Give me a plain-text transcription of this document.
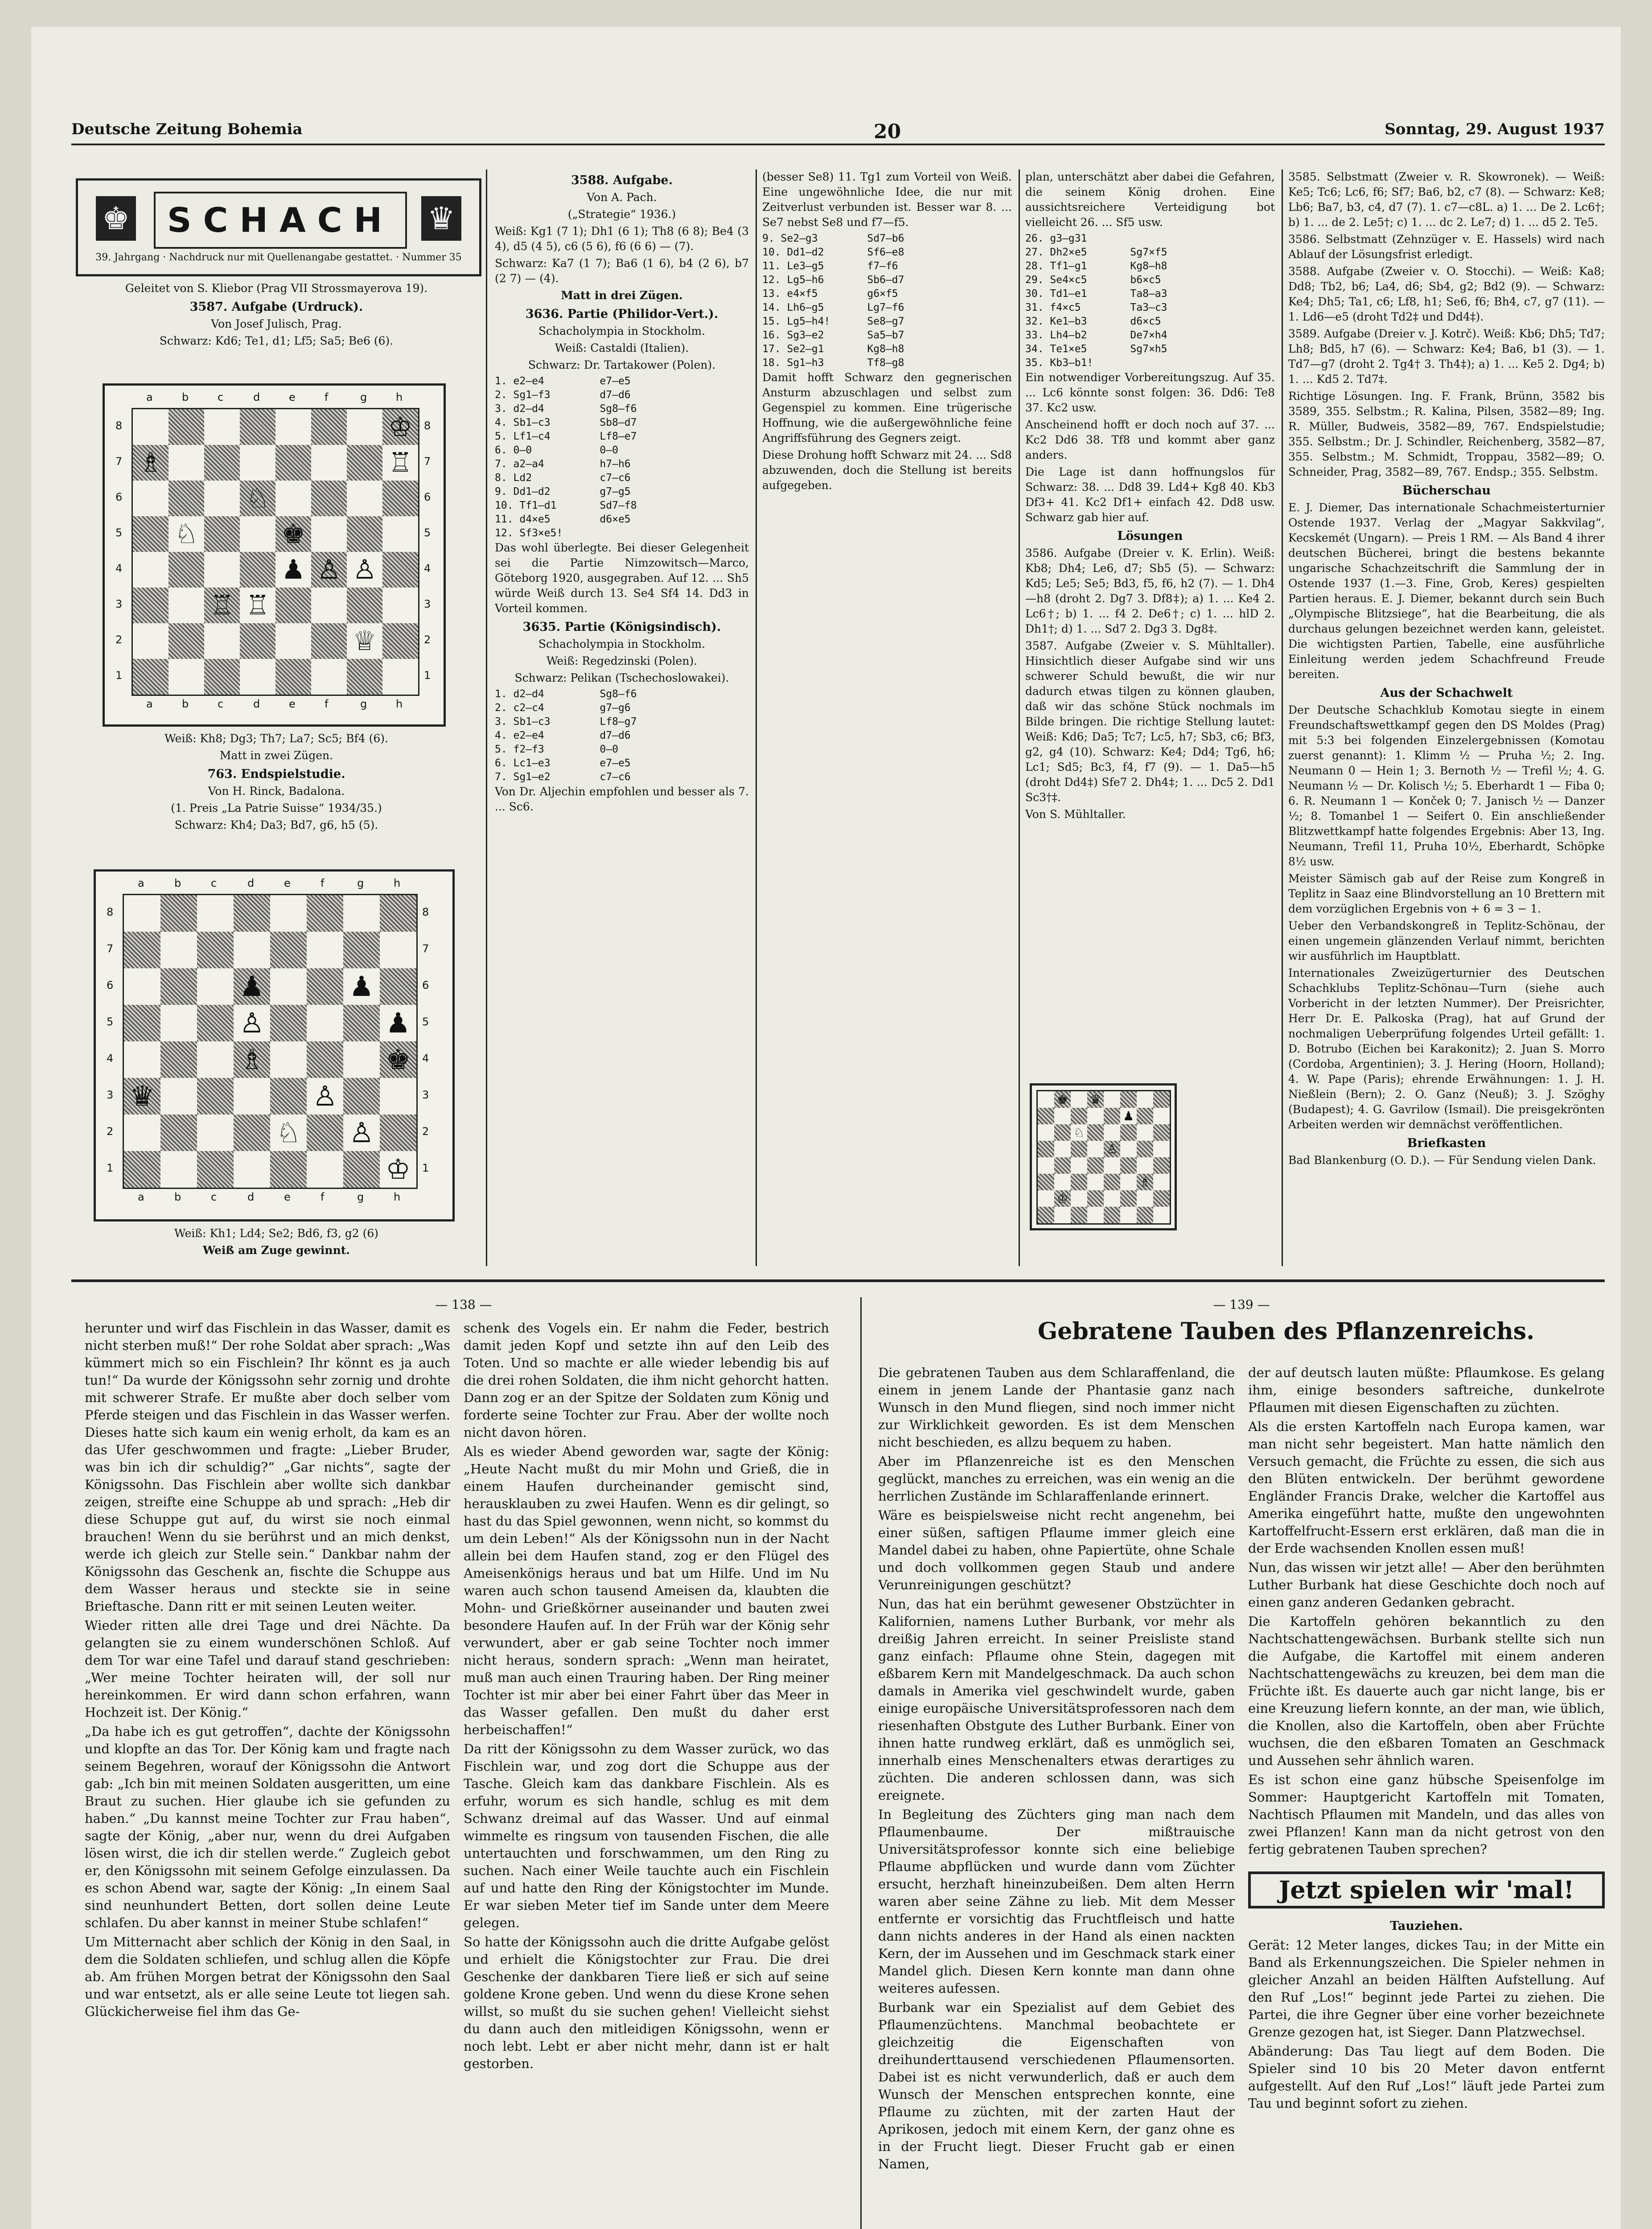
Deutsche Zeitung Bohemia	20	Sonntag, 29. August 1937
♚	SCHACH	♛
39. Jahrgang · Nachdruck nur mit Quellenangabe gestattet. · Nummer 35

Geleitet von S. Kliebor (Prag VII Strossmayerova 19).

3587. Aufgabe (Urdruck).

Von Josef Julisch, Prag.

Schwarz: Kd6; Te1, d1; Lf5; Sa5; Be6 (6).

♔
♖
♗
♘
♘
♚
♖
♕
♖
♙
♟ ♙
a	b	c	d	e	f	g	h
a	b	c	d	e	f	g	h
8	8
7	7
6	6
5	5
4	4
3	3
2	2
1	1

Weiß: Kh8; Dg3; Th7; La7; Sc5; Bf4 (6).

Matt in zwei Zügen.

763. Endspielstudie.

Von H. Rinck, Badalona.

(1. Preis „La Patrie Suisse“ 1934/35.)

Schwarz: Kh4; Da3; Bd7, g6, h5 (5).

♙
♟	♟
♟
♚
♛
♗
♘
♙
♙
♔
a	b	c	d	e	f	g	h
a	b	c	d	e	f	g	h
8	8
7	7
6	6
5	5
4	4
3	3
2	2
1	1

Weiß: Kh1; Ld4; Se2; Bd6, f3, g2 (6)

Weiß am Zuge gewinnt.

3588. Aufgabe.

Von A. Pach.

(„Strategie“ 1936.)

Weiß: Kg1 (7 1); Dh1 (6 1); Th8 (6 8); Be4 (3 4), d5 (4 5), c6 (5 6), f6 (6 6) — (7).

Schwarz: Ka7 (1 7); Ba6 (1 6), b4 (2 6), b7 (2 7) — (4).

Matt in drei Zügen.

3636. Partie (Philidor-Vert.).

Schacholympia in Stockholm.

Weiß: Castaldi (Italien).

Schwarz: Dr. Tartakower (Polen).

1. e2—e4         e7—e5
2. Sg1—f3        d7—d6
3. d2—d4         Sg8—f6
4. Sb1—c3        Sb8—d7
5. Lf1—c4        Lf8—e7
6. 0—0           0—0
7. a2—a4         h7—h6
8. Ld2           c7—c6
9. Dd1—d2        g7—g5
10. Tf1—d1       Sd7—f8
11. d4×e5        d6×e5
12. Sf3×e5!

Das wohl überlegte. Bei dieser Gelegenheit sei die Partie Nimzowitsch—Marco, Göteborg 1920, ausgegraben. Auf 12. ... Sh5 würde Weiß durch 13. Se4 Sf4 14. Dd3 in Vorteil kommen.

3635. Partie (Königsindisch).

Schacholympia in Stockholm.

Weiß: Regedzinski (Polen).

Schwarz: Pelikan (Tschechoslowakei).

1. d2—d4         Sg8—f6
2. c2—c4         g7—g6
3. Sb1—c3        Lf8—g7
4. e2—e4         d7—d6
5. f2—f3         0—0
6. Lc1—e3        e7—e5
7. Sg1—e2        c7—c6

Von Dr. Aljechin empfohlen und besser als 7. ... Sc6.

(besser Se8) 11. Tg1 zum Vorteil von Weiß. Eine ungewöhnliche Idee, die nur mit Zeitverlust verbunden ist. Besser war 8. ... Se7 nebst Se8 und f7—f5.

9. Se2—g3        Sd7—b6
10. Dd1—d2       Sf6—e8
11. Le3—g5       f7—f6
12. Lg5—h6       Sb6—d7
13. e4×f5        g6×f5
14. Lh6—g5       Lg7—f6
15. Lg5—h4!      Se8—g7
16. Sg3—e2       Sa5—b7
17. Se2—g1       Kg8—h8
18. Sg1—h3       Tf8—g8

Damit hofft Schwarz den gegnerischen Ansturm abzuschlagen und selbst zum Gegenspiel zu kommen. Eine trügerische Hoffnung, wie die außergewöhnliche feine Angriffsführung des Gegners zeigt.

Diese Drohung hofft Schwarz mit 24. ... Sd8 abzuwenden, doch die Stellung ist bereits aufgegeben.

plan, unterschätzt aber dabei die Gefahren, die seinem König drohen. Eine aussichtsreichere Verteidigung bot vielleicht 26. ... Sf5 usw.

26. g3—g31
27. Dh2×e5       Sg7×f5
28. Tf1—g1       Kg8—h8
29. Se4×c5       b6×c5
30. Td1—e1       Ta8—a3
31. f4×c5        Ta3—c3
32. Ke1—b3       d6×c5
33. Lh4—b2       De7×h4
34. Te1×e5       Sg7×h5
35. Kb3—b1!

Ein notwendiger Vorbereitungszug. Auf 35. ... Lc6 könnte sonst folgen: 36. Dd6: Te8 37. Kc2 usw.

Anscheinend hofft er doch noch auf 37. ... Kc2 Dd6 38. Tf8 und kommt aber ganz anders.

Die Lage ist dann hoffnungslos für Schwarz: 38. ... Dd8 39. Ld4+ Kg8 40. Kb3 Df3+ 41. Kc2 Df1+ einfach 42. Dd8 usw. Schwarz gab hier auf.

Lösungen

3586. Aufgabe (Dreier v. K. Erlin). Weiß: Kb8; Dh4; Le6, d7; Sb5 (5). — Schwarz: Kd5; Le5; Se5; Bd3, f5, f6, h2 (7). — 1. Dh4—h8 (droht 2. Dg7 3. Df8‡); a) 1. ... Ke4 2. Lc6†; b) 1. ... f4 2. De6†; c) 1. ... hlD 2. Dh1†; d) 1. ... Sd7 2. Dg3 3. Dg8‡.

3587. Aufgabe (Zweier v. S. Mühltaller). Hinsichtlich dieser Aufgabe sind wir uns schwerer Schuld bewußt, die wir nur dadurch etwas tilgen zu können glauben, daß wir das schöne Stück nochmals im Bilde bringen. Die richtige Stellung lautet: Weiß: Kd6; Da5; Tc7; Lc5, h7; Sb3, c6; Bf3, g2, g4 (10). Schwarz: Ke4; Dd4; Tg6, h6; Lc1; Sd5; Bc3, f4, f7 (9). — 1. Da5—h5 (droht Dd4‡) Sfe7 2. Dh4‡; 1. ... Dc5 2. Dd1 Sc3†‡.

Von S. Mühltaller.

♚ ♛
♟
♘
♙
♗
♔

3585. Selbstmatt (Zweier v. R. Skowronek). — Weiß: Ke5; Tc6; Lc6, f6; Sf7; Ba6, b2, c7 (8). — Schwarz: Ke8; Lb6; Ba7, b3, c4, d7 (7). 1. c7—c8L. a) 1. ... De 2. Lc6†; b) 1. ... de 2. Le5†; c) 1. ... dc 2. Le7; d) 1. ... d5 2. Te5.

3586. Selbstmatt (Zehnzüger v. E. Hassels) wird nach Ablauf der Lösungsfrist erledigt.

3588. Aufgabe (Zweier v. O. Stocchi). — Weiß: Ka8; Dd8; Tb2, b6; La4, d6; Sb4, g2; Bd2 (9). — Schwarz: Ke4; Dh5; Ta1, c6; Lf8, h1; Se6, f6; Bh4, c7, g7 (11). — 1. Ld6—e5 (droht Td2‡ und Dd4‡).

3589. Aufgabe (Dreier v. J. Kotrč). Weiß: Kb6; Dh5; Td7; Lh8; Bd5, h7 (6). — Schwarz: Ke4; Ba6, b1 (3). — 1. Td7—g7 (droht 2. Tg4† 3. Th4‡); a) 1. ... Ke5 2. Dg4; b) 1. ... Kd5 2. Td7‡.

Richtige Lösungen. Ing. F. Frank, Brünn, 3582 bis 3589, 355. Selbstm.; R. Kalina, Pilsen, 3582—89; Ing. R. Müller, Budweis, 3582—89, 767. Endspielstudie; 355. Selbstm.; Dr. J. Schindler, Reichenberg, 3582—87, 355. Selbstm.; M. Schmidt, Troppau, 3582—89; O. Schneider, Prag, 3582—89, 767. Endsp.; 355. Selbstm.

Bücherschau

E. J. Diemer, Das internationale Schachmeisterturnier Ostende 1937. Verlag der „Magyar Sakkvilag“, Kecskemét (Ungarn). — Preis 1 RM. — Als Band 4 ihrer deutschen Bücherei, bringt die bestens bekannte ungarische Schachzeitschrift die Sammlung der in Ostende 1937 (1.—3. Fine, Grob, Keres) gespielten Partien heraus. E. J. Diemer, bekannt durch sein Buch „Olympische Blitzsiege“, hat die Bearbeitung, die als durchaus gelungen bezeichnet werden kann, geleistet. Die wichtigsten Partien, Tabelle, eine ausführliche Einleitung werden jedem Schachfreund Freude bereiten.

Aus der Schachwelt

Der Deutsche Schachklub Komotau siegte in einem Freundschaftswettkampf gegen den DS Moldes (Prag) mit 5:3 bei folgenden Einzelergebnissen (Komotau zuerst genannt): 1. Klimm ½ — Pruha ½; 2. Ing. Neumann 0 — Hein 1; 3. Bernoth ½ — Trefil ½; 4. G. Neumann ½ — Dr. Kolisch ½; 5. Eberhardt 1 — Fiba 0; 6. R. Neumann 1 — Konček 0; 7. Janisch ½ — Danzer ½; 8. Tomanbel 1 — Seifert 0. Ein anschließender Blitzwettkampf hatte folgendes Ergebnis: Aber 13, Ing. Neumann, Trefil 11, Pruha 10½, Eberhardt, Schöpke 8½ usw.

Meister Sämisch gab auf der Reise zum Kongreß in Teplitz in Saaz eine Blindvorstellung an 10 Brettern mit dem vorzüglichen Ergebnis von + 6 = 3 − 1.

Ueber den Verbandskongreß in Teplitz-Schönau, der einen ungemein glänzenden Verlauf nimmt, berichten wir ausführlich im Hauptblatt.

Internationales Zweizügerturnier des Deutschen Schachklubs Teplitz-Schönau—Turn (siehe auch Vorbericht in der letzten Nummer). Der Preisrichter, Herr Dr. E. Palkoska (Prag), hat auf Grund der nochmaligen Ueberprüfung folgendes Urteil gefällt: 1. D. Botrubo (Eichen bei Karakonitz); 2. Juan S. Morro (Cordoba, Argentinien); 3. J. Hering (Hoorn, Holland); 4. W. Pape (Paris); ehrende Erwähnungen: 1. J. H. Nießlein (Bern); 2. O. Ganz (Neuß); 3. J. Szöghy (Budapest); 4. G. Gavrilow (Ismail). Die preisgekrönten Arbeiten werden wir demnächst veröffentlichen.

Briefkasten

Bad Blankenburg (O. D.). — Für Sendung vielen Dank.

— 138 —

herunter und wirf das Fischlein in das Wasser, damit es nicht sterben muß!“ Der rohe Soldat aber sprach: „Was kümmert mich so ein Fischlein? Ihr könnt es ja auch tun!“ Da wurde der Königssohn sehr zornig und drohte mit schwerer Strafe. Er mußte aber doch selber vom Pferde steigen und das Fischlein in das Wasser werfen. Dieses hatte sich kaum ein wenig erholt, da kam es an das Ufer geschwommen und fragte: „Lieber Bruder, was bin ich dir schuldig?“ „Gar nichts“, sagte der Königssohn. Das Fischlein aber wollte sich dankbar zeigen, streifte eine Schuppe ab und sprach: „Heb dir diese Schuppe gut auf, du wirst sie noch einmal brauchen! Wenn du sie berührst und an mich denkst, werde ich gleich zur Stelle sein.“ Dankbar nahm der Königssohn das Geschenk an, fischte die Schuppe aus dem Wasser heraus und steckte sie in seine Brieftasche. Dann ritt er mit seinen Leuten weiter.

Wieder ritten alle drei Tage und drei Nächte. Da gelangten sie zu einem wunderschönen Schloß. Auf dem Tor war eine Tafel und darauf stand geschrieben: „Wer meine Tochter heiraten will, der soll nur hereinkommen. Er wird dann schon erfahren, wann Hochzeit ist. Der König.“

„Da habe ich es gut getroffen“, dachte der Königssohn und klopfte an das Tor. Der König kam und fragte nach seinem Begehren, worauf der Königssohn die Antwort gab: „Ich bin mit meinen Soldaten ausgeritten, um eine Braut zu suchen. Hier glaube ich sie gefunden zu haben.“ „Du kannst meine Tochter zur Frau haben“, sagte der König, „aber nur, wenn du drei Aufgaben lösen wirst, die ich dir stellen werde.“ Zugleich gebot er, den Königssohn mit seinem Gefolge einzulassen. Da es schon Abend war, sagte der König: „In einem Saal sind neunhundert Betten, dort sollen deine Leute schlafen. Du aber kannst in meiner Stube schlafen!“

Um Mitternacht aber schlich der König in den Saal, in dem die Soldaten schliefen, und schlug allen die Köpfe ab. Am frühen Morgen betrat der Königssohn den Saal und war entsetzt, als er alle seine Leute tot liegen sah. Glückicherweise fiel ihm das Ge-

schenk des Vogels ein. Er nahm die Feder, bestrich damit jeden Kopf und setzte ihn auf den Leib des Toten. Und so machte er alle wieder lebendig bis auf die drei rohen Soldaten, die ihm nicht gehorcht hatten. Dann zog er an der Spitze der Soldaten zum König und forderte seine Tochter zur Frau. Aber der wollte noch nicht davon hören.

Als es wieder Abend geworden war, sagte der König: „Heute Nacht mußt du mir Mohn und Grieß, die in einem Haufen durcheinander gemischt sind, herausklauben zu zwei Haufen. Wenn es dir gelingt, so hast du das Spiel gewonnen, wenn nicht, so kommst du um dein Leben!“ Als der Königssohn nun in der Nacht allein bei dem Haufen stand, zog er den Flügel des Ameisenkönigs heraus und bat um Hilfe. Und im Nu waren auch schon tausend Ameisen da, klaubten die Mohn- und Grießkörner auseinander und bauten zwei besondere Haufen auf. In der Früh war der König sehr verwundert, aber er gab seine Tochter noch immer nicht heraus, sondern sprach: „Wenn man heiratet, muß man auch einen Trauring haben. Der Ring meiner Tochter ist mir aber bei einer Fahrt über das Meer in das Wasser gefallen. Den mußt du daher erst herbeischaffen!“

Da ritt der Königssohn zu dem Wasser zurück, wo das Fischlein war, und zog dort die Schuppe aus der Tasche. Gleich kam das dankbare Fischlein. Als es erfuhr, worum es sich handle, schlug es mit dem Schwanz dreimal auf das Wasser. Und auf einmal wimmelte es ringsum von tausenden Fischen, die alle untertauchten und forschwammen, um den Ring zu suchen. Nach einer Weile tauchte auch ein Fischlein auf und hatte den Ring der Königstochter im Munde. Er war sieben Meter tief im Sande unter dem Meere gelegen.

So hatte der Königssohn auch die dritte Aufgabe gelöst und erhielt die Königstochter zur Frau. Die drei Geschenke der dankbaren Tiere ließ er sich auf seine goldene Krone geben. Und wenn du diese Krone sehen willst, so mußt du sie suchen gehen! Vielleicht siehst du dann auch den mitleidigen Königssohn, wenn er noch lebt. Lebt er aber nicht mehr, dann ist er halt gestorben.

— 139 —
Gebratene Tauben des Pflanzenreichs.

Die gebratenen Tauben aus dem Schlaraffenland, die einem in jenem Lande der Phantasie ganz nach Wunsch in den Mund fliegen, sind noch immer nicht zur Wirklichkeit geworden. Es ist dem Menschen nicht beschieden, es allzu bequem zu haben.

Aber im Pflanzenreiche ist es den Menschen geglückt, manches zu erreichen, was ein wenig an die herrlichen Zustände im Schlaraffenlande erinnert.

Wäre es beispielsweise nicht recht angenehm, bei einer süßen, saftigen Pflaume immer gleich eine Mandel dabei zu haben, ohne Papiertüte, ohne Schale und doch vollkommen gegen Staub und andere Verunreinigungen geschützt?

Nun, das hat ein berühmt gewesener Obstzüchter in Kalifornien, namens Luther Burbank, vor mehr als dreißig Jahren erreicht. In seiner Preisliste stand ganz einfach: Pflaume ohne Stein, dagegen mit eßbarem Kern mit Mandelgeschmack. Da auch schon damals in Amerika viel geschwindelt wurde, gaben einige europäische Universitätsprofessoren nach dem riesenhaften Obstgute des Luther Burbank. Einer von ihnen hatte rundweg erklärt, daß es unmöglich sei, innerhalb eines Menschenalters etwas derartiges zu züchten. Die anderen schlossen dann, was sich ereignete.

In Begleitung des Züchters ging man nach dem Pflaumenbaume. Der mißtrauische Universitätsprofessor konnte sich eine beliebige Pflaume abpflücken und wurde dann vom Züchter ersucht, herzhaft hineinzubeißen. Dem alten Herrn waren aber seine Zähne zu lieb. Mit dem Messer entfernte er vorsichtig das Fruchtfleisch und hatte dann nichts anderes in der Hand als einen nackten Kern, der im Aussehen und im Geschmack stark einer Mandel glich. Diesen Kern konnte man dann ohne weiteres aufessen.

Burbank war ein Spezialist auf dem Gebiet des Pflaumenzüchtens. Manchmal beobachtete er gleichzeitig die Eigenschaften von dreihunderttausend verschiedenen Pflaumensorten. Dabei ist es nicht verwunderlich, daß er auch dem Wunsch der Menschen entsprechen konnte, eine Pflaume zu züchten, mit der zarten Haut der Aprikosen, jedoch mit einem Kern, der ganz ohne es in der Frucht liegt. Dieser Frucht gab er einen Namen,

der auf deutsch lauten müßte: Pflaumkose. Es gelang ihm, einige besonders saftreiche, dunkelrote Pflaumen mit diesen Eigenschaften zu züchten.

Als die ersten Kartoffeln nach Europa kamen, war man nicht sehr begeistert. Man hatte nämlich den Versuch gemacht, die Früchte zu essen, die sich aus den Blüten entwickeln. Der berühmt gewordene Engländer Francis Drake, welcher die Kartoffel aus Amerika eingeführt hatte, mußte den ungewohnten Kartoffelfrucht-Essern erst erklären, daß man die in der Erde wachsenden Knollen essen muß!

Nun, das wissen wir jetzt alle! — Aber den berühmten Luther Burbank hat diese Geschichte doch noch auf einen ganz anderen Gedanken gebracht.

Die Kartoffeln gehören bekanntlich zu den Nachtschattengewächsen. Burbank stellte sich nun die Aufgabe, die Kartoffel mit einem anderen Nachtschattengewächs zu kreuzen, bei dem man die Früchte ißt. Es dauerte auch gar nicht lange, bis er eine Kreuzung liefern konnte, an der man, wie üblich, die Knollen, also die Kartoffeln, oben aber Früchte wuchsen, die den eßbaren Tomaten an Geschmack und Aussehen sehr ähnlich waren.

Es ist schon eine ganz hübsche Speisenfolge im Sommer: Hauptgericht Kartoffeln mit Tomaten, Nachtisch Pflaumen mit Mandeln, und das alles von zwei Pflanzen! Kann man da nicht getrost von den fertig gebratenen Tauben sprechen?

Jetzt spielen wir 'mal!
Tauziehen.

Gerät: 12 Meter langes, dickes Tau; in der Mitte ein Band als Erkennungszeichen. Die Spieler nehmen in gleicher Anzahl an beiden Hälften Aufstellung. Auf den Ruf „Los!“ beginnt jede Partei zu ziehen. Die Partei, die ihre Gegner über eine vorher bezeichnete Grenze gezogen hat, ist Sieger. Dann Platzwechsel.

Abänderung: Das Tau liegt auf dem Boden. Die Spieler sind 10 bis 20 Meter davon entfernt aufgestellt. Auf den Ruf „Los!“ läuft jede Partei zum Tau und beginnt sofort zu ziehen.
